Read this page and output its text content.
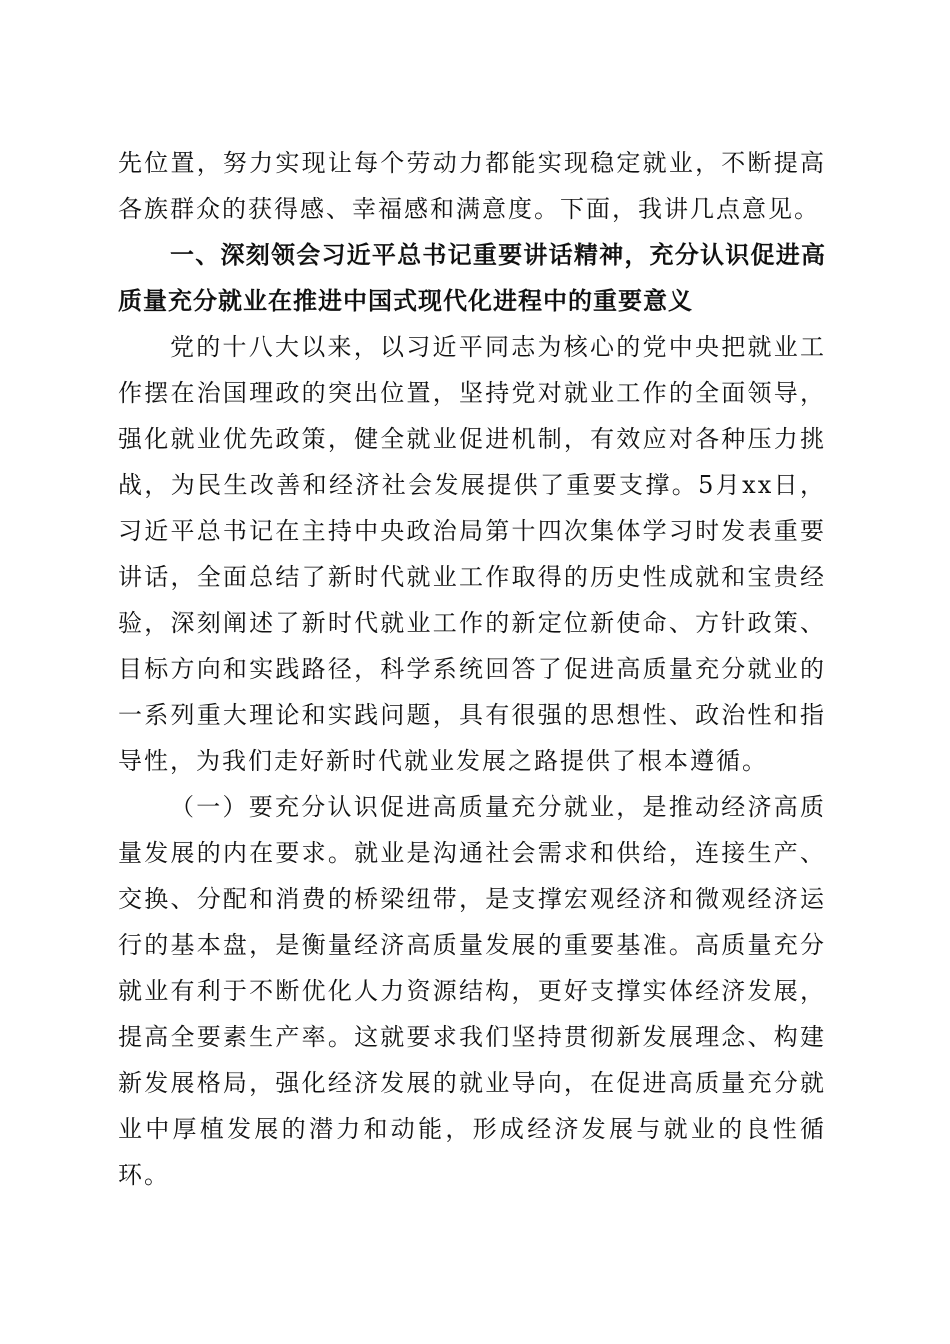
先位置，努力实现让每个劳动力都能实现稳定就业，不断提高各族群众的获得感、幸福感和满意度。下面，我讲几点意见。

一、深刻领会习近平总书记重要讲话精神，充分认识促进高质量充分就业在推进中国式现代化进程中的重要意义

党的十八大以来，以习近平同志为核心的党中央把就业工作摆在治国理政的突出位置，坚持党对就业工作的全面领导，强化就业优先政策，健全就业促进机制，有效应对各种压力挑战，为民生改善和经济社会发展提供了重要支撑。5月xx日，习近平总书记在主持中央政治局第十四次集体学习时发表重要讲话，全面总结了新时代就业工作取得的历史性成就和宝贵经验，深刻阐述了新时代就业工作的新定位新使命、方针政策、目标方向和实践路径，科学系统回答了促进高质量充分就业的一系列重大理论和实践问题，具有很强的思想性、政治性和指导性，为我们走好新时代就业发展之路提供了根本遵循。

（一）要充分认识促进高质量充分就业，是推动经济高质量发展的内在要求。就业是沟通社会需求和供给，连接生产、交换、分配和消费的桥梁纽带，是支撑宏观经济和微观经济运行的基本盘，是衡量经济高质量发展的重要基准。高质量充分就业有利于不断优化人力资源结构，更好支撑实体经济发展，提高全要素生产率。这就要求我们坚持贯彻新发展理念、构建新发展格局，强化经济发展的就业导向，在促进高质量充分就业中厚植发展的潜力和动能，形成经济发展与就业的良性循环。
